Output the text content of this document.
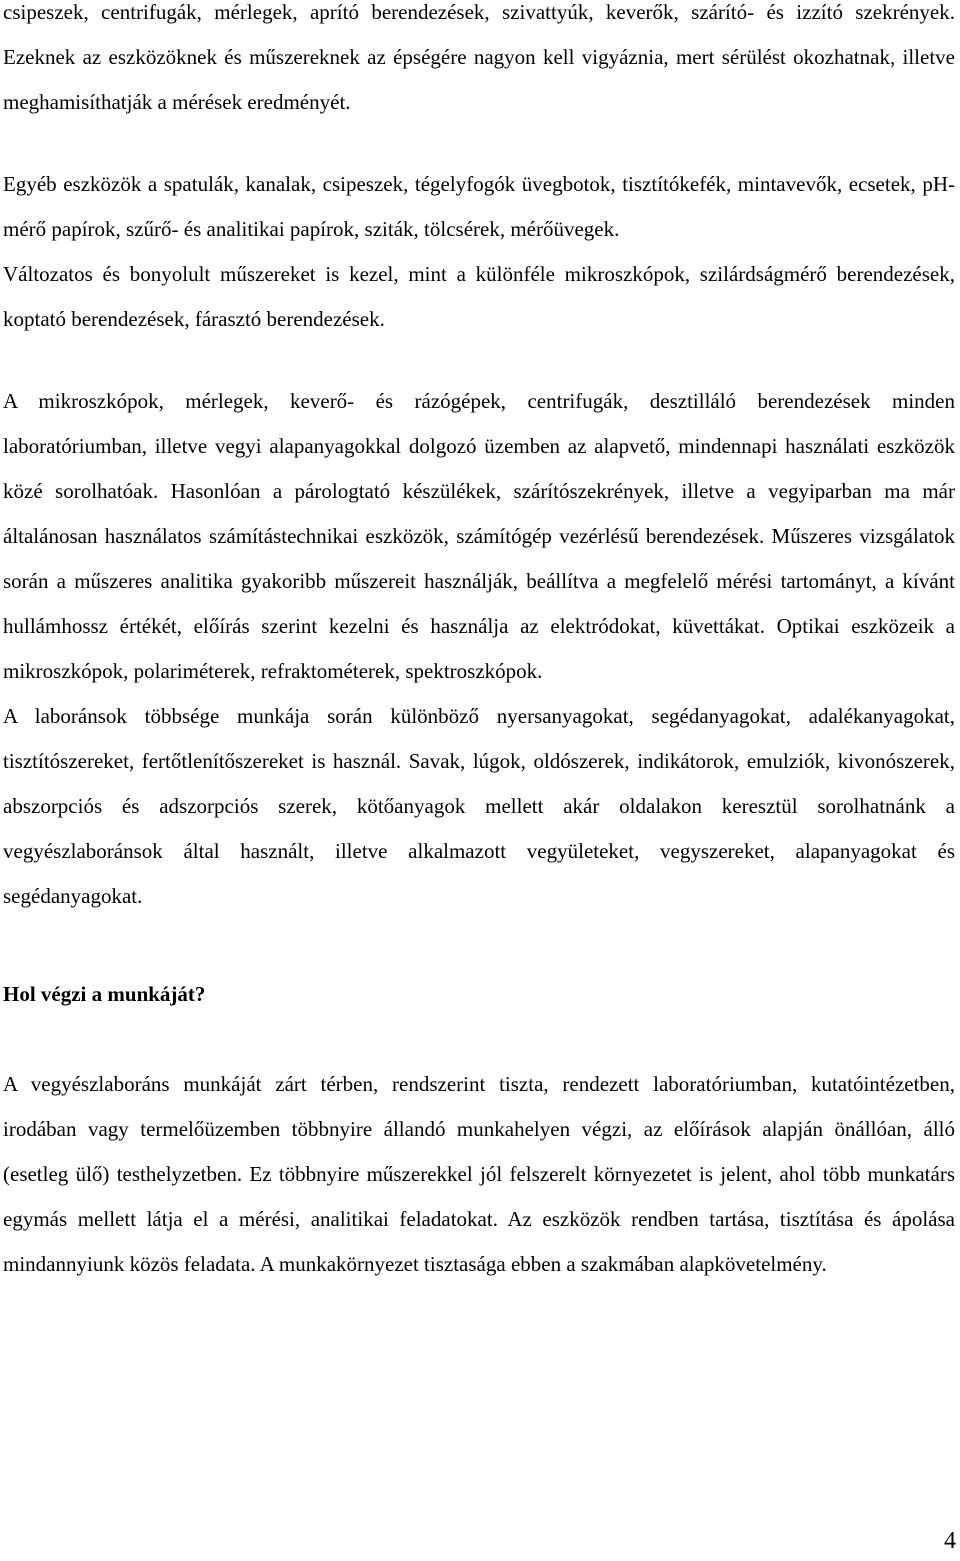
csipeszek, centrifugák, mérlegek, aprító berendezések, szivattyúk, keverők, szárító- és izzító szekrények. Ezeknek az eszközöknek és műszereknek az épségére nagyon kell vigyáznia, mert sérülést okozhatnak, illetve meghamisíthatják a mérések eredményét.

Egyéb eszközök a spatulák, kanalak, csipeszek, tégelyfogók üvegbotok, tisztítókefék, mintavevők, ecsetek, pH-mérő papírok, szűrő- és analitikai papírok, sziták, tölcsérek, mérőüvegek.

Változatos és bonyolult műszereket is kezel, mint a különféle mikroszkópok, szilárdságmérő berendezések, koptató berendezések, fárasztó berendezések.

A mikroszkópok, mérlegek, keverő- és rázógépek, centrifugák, desztilláló berendezések minden laboratóriumban, illetve vegyi alapanyagokkal dolgozó üzemben az alapvető, mindennapi használati eszközök közé sorolhatóak. Hasonlóan a párologtató készülékek, szárítószekrények, illetve a vegyiparban ma már általánosan használatos számítástechnikai eszközök, számítógép vezérlésű berendezések. Műszeres vizsgálatok során a műszeres analitika gyakoribb műszereit használják, beállítva a megfelelő mérési tartományt, a kívánt hullámhossz értékét, előírás szerint kezelni és használja az elektródokat, küvettákat. Optikai eszközeik a mikroszkópok, polariméterek, refraktométerek, spektroszkópok.

A laboránsok többsége munkája során különböző nyersanyagokat, segédanyagokat, adalékanyagokat, tisztítószereket, fertőtlenítőszereket is használ. Savak, lúgok, oldószerek, indikátorok, emulziók, kivonószerek, abszorpciós és adszorpciós szerek, kötőanyagok mellett akár oldalakon keresztül sorolhatnánk a vegyészlaboránsok által használt, illetve alkalmazott vegyületeket, vegyszereket, alapanyagokat és segédanyagokat.

Hol végzi a munkáját?

A vegyészlaboráns munkáját zárt térben, rendszerint tiszta, rendezett laboratóriumban, kutatóintézetben, irodában vagy termelőüzemben többnyire állandó munkahelyen végzi, az előírások alapján önállóan, álló (esetleg ülő) testhelyzetben. Ez többnyire műszerekkel jól felszerelt környezetet is jelent, ahol több munkatárs egymás mellett látja el a mérési, analitikai feladatokat. Az eszközök rendben tartása, tisztítása és ápolása mindannyiunk közös feladata. A munkakörnyezet tisztasága ebben a szakmában alapkövetelmény.

4
